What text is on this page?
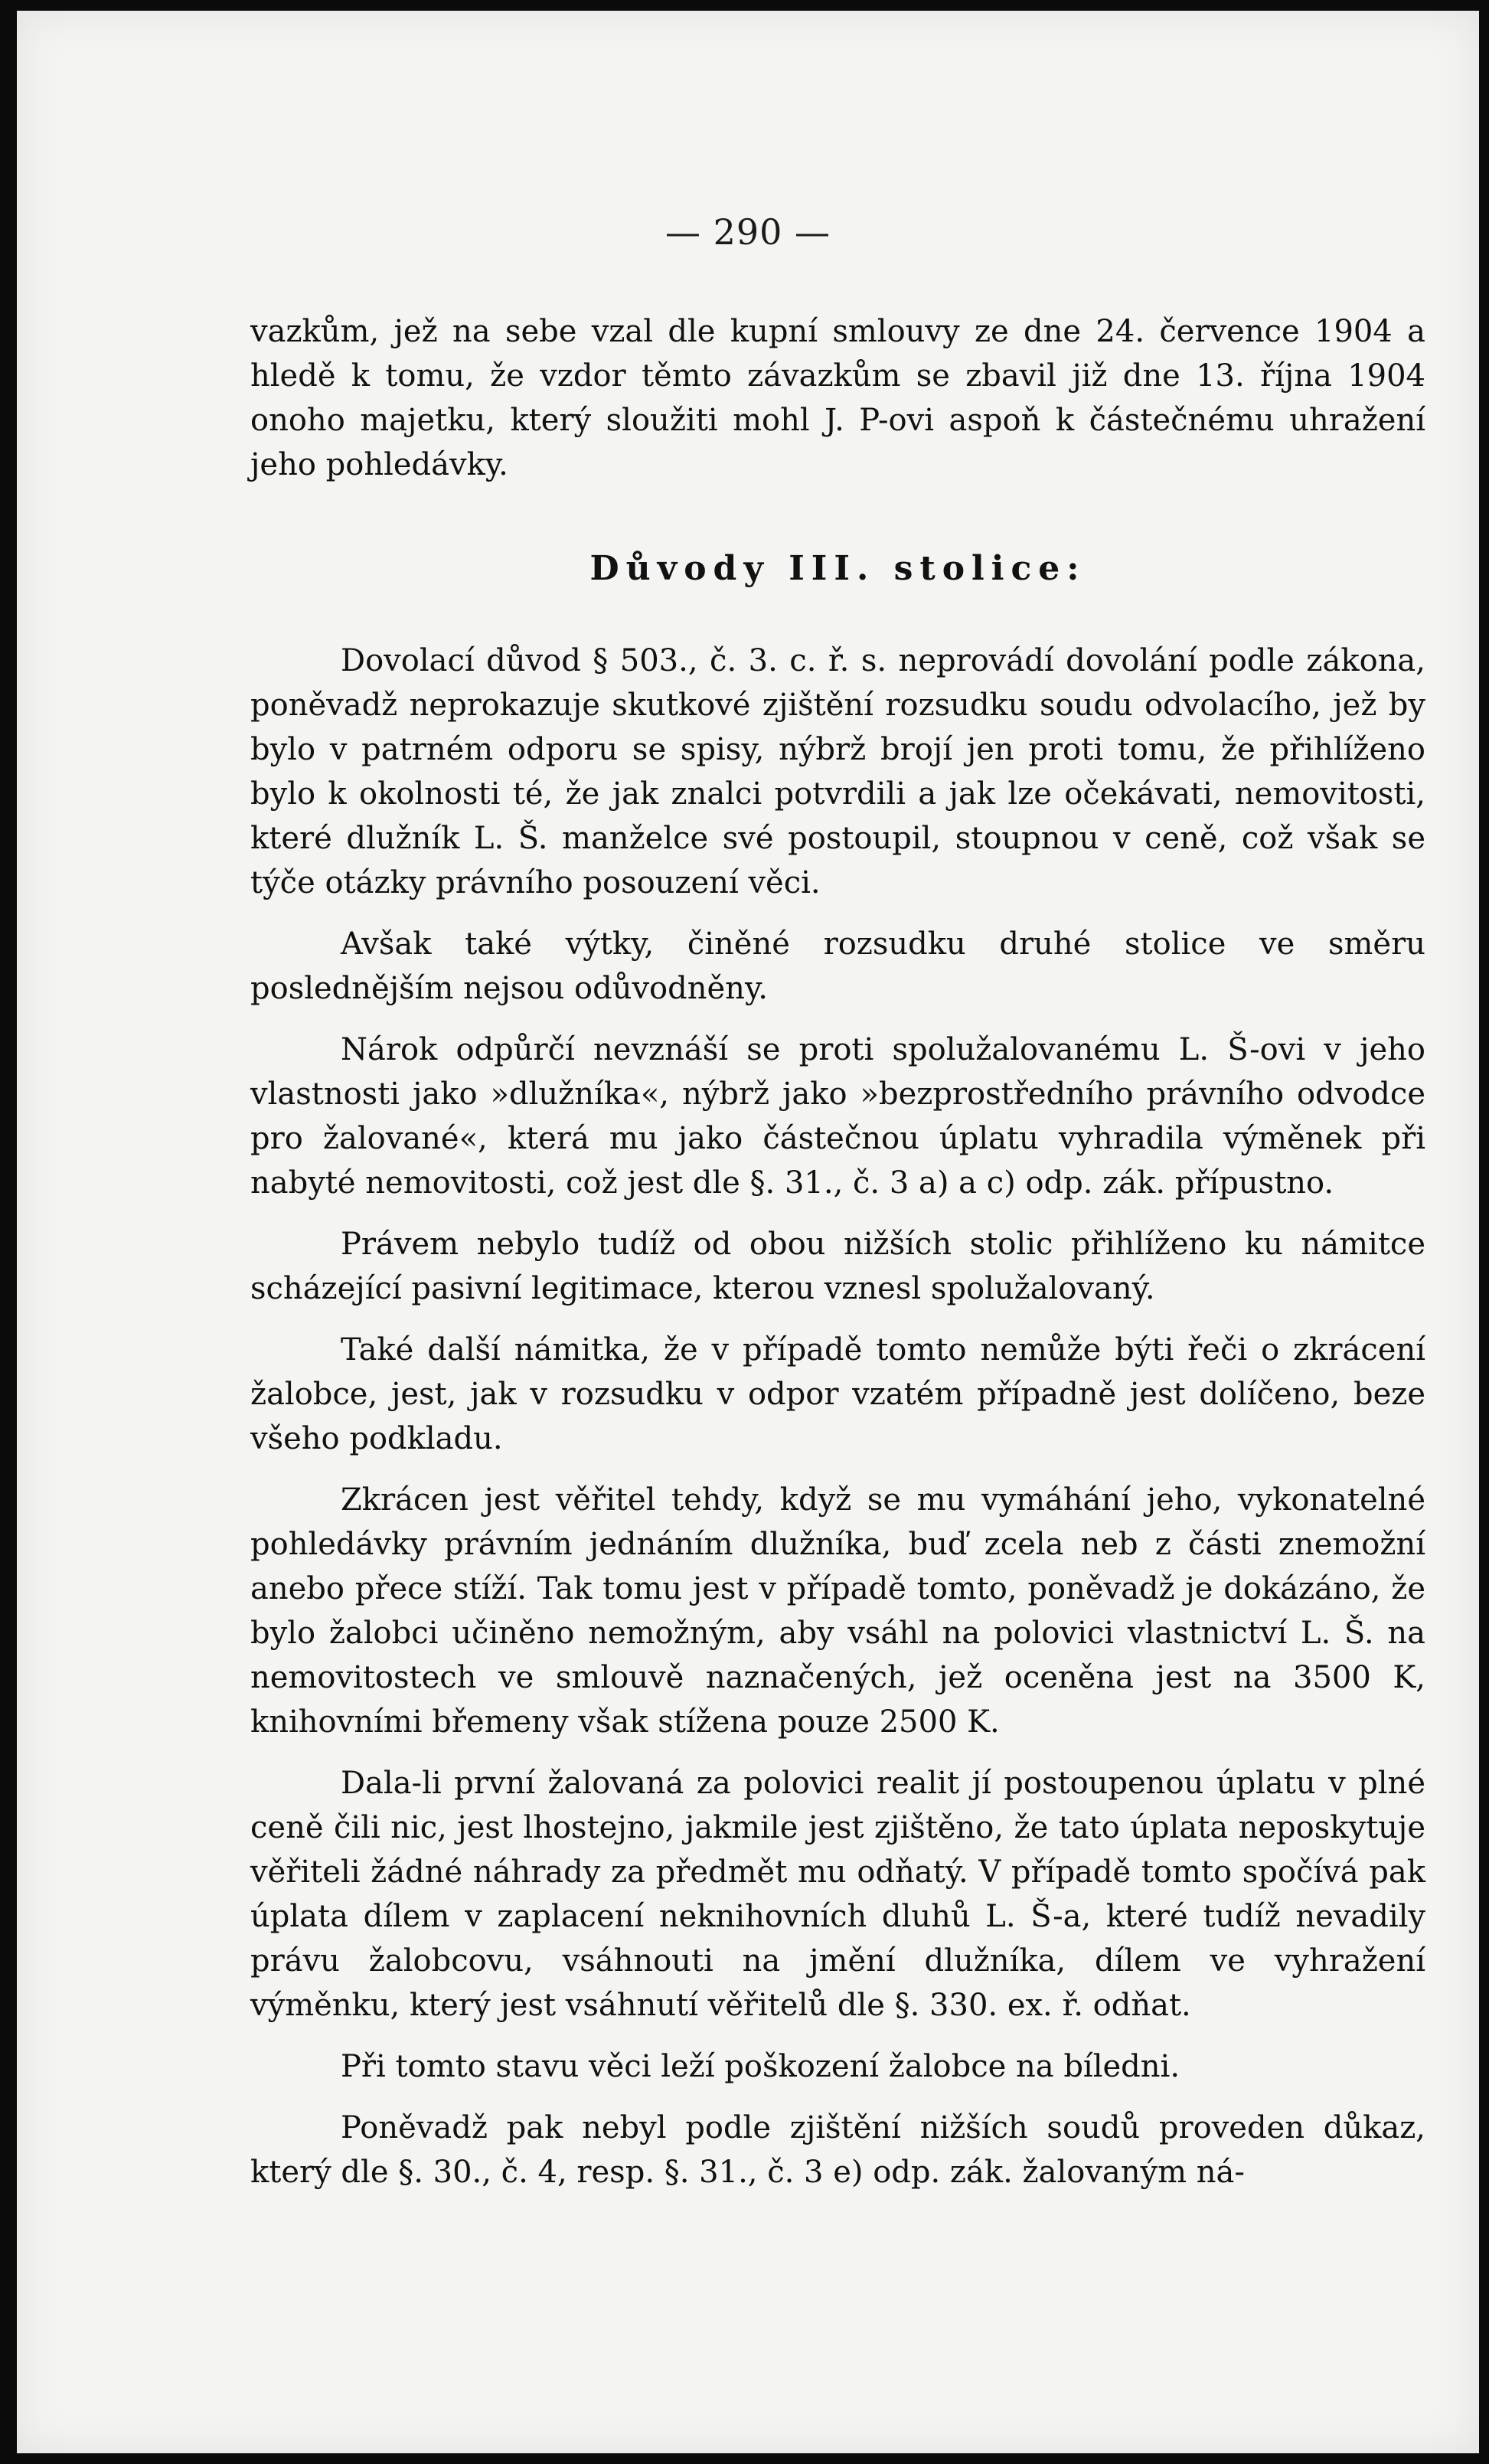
— 290 —

vazkům, jež na sebe vzal dle kupní smlouvy ze dne 24. července 1904 a hledě k tomu, že vzdor těmto závazkům se zbavil již dne 13. října 1904 onoho majetku, který sloužiti mohl J. P-ovi aspoň k částečnému uhražení jeho pohledávky.

Důvody III. stolice:

Dovolací důvod § 503., č. 3. c. ř. s. neprovádí dovolání podle zákona, poněvadž neprokazuje skutkové zjištění rozsudku soudu odvolacího, jež by bylo v patrném odporu se spisy, nýbrž brojí jen proti tomu, že přihlíženo bylo k okolnosti té, že jak znalci potvrdili a jak lze očekávati, nemovitosti, které dlužník L. Š. manželce své postoupil, stoupnou v ceně, což však se týče otázky právního posouzení věci.

Avšak také výtky, činěné rozsudku druhé stolice ve směru poslednějším nejsou odůvodněny.

Nárok odpůrčí nevznáší se proti spolužalovanému L. Š-ovi v jeho vlastnosti jako »dlužníka«, nýbrž jako »bezprostředního právního odvodce pro žalované«, která mu jako částečnou úplatu vyhradila výměnek při nabyté nemovitosti, což jest dle §. 31., č. 3 a) a c) odp. zák. přípustno.

Právem nebylo tudíž od obou nižších stolic přihlíženo ku námitce scházející pasivní legitimace, kterou vznesl spolužalovaný.

Také další námitka, že v případě tomto nemůže býti řeči o zkrácení žalobce, jest, jak v rozsudku v odpor vzatém případně jest dolíčeno, beze všeho podkladu.

Zkrácen jest věřitel tehdy, když se mu vymáhání jeho, vykonatelné pohledávky právním jednáním dlužníka, buď zcela neb z části znemožní anebo přece stíží. Tak tomu jest v případě tomto, poněvadž je dokázáno, že bylo žalobci učiněno nemožným, aby vsáhl na polovici vlastnictví L. Š. na nemovitostech ve smlouvě naznačených, jež oceněna jest na 3500 K, knihovními břemeny však stížena pouze 2500 K.

Dala-li první žalovaná za polovici realit jí postoupenou úplatu v plné ceně čili nic, jest lhostejno, jakmile jest zjištěno, že tato úplata neposkytuje věřiteli žádné náhrady za předmět mu odňatý. V případě tomto spočívá pak úplata dílem v zaplacení neknihovních dluhů L. Š-a, které tudíž nevadily právu žalobcovu, vsáhnouti na jmění dlužníka, dílem ve vyhražení výměnku, který jest vsáhnutí věřitelů dle §. 330. ex. ř. odňat.

Při tomto stavu věci leží poškození žalobce na bíledni.

Poněvadž pak nebyl podle zjištění nižších soudů proveden důkaz, který dle §. 30., č. 4, resp. §. 31., č. 3 e) odp. zák. žalovaným ná-
